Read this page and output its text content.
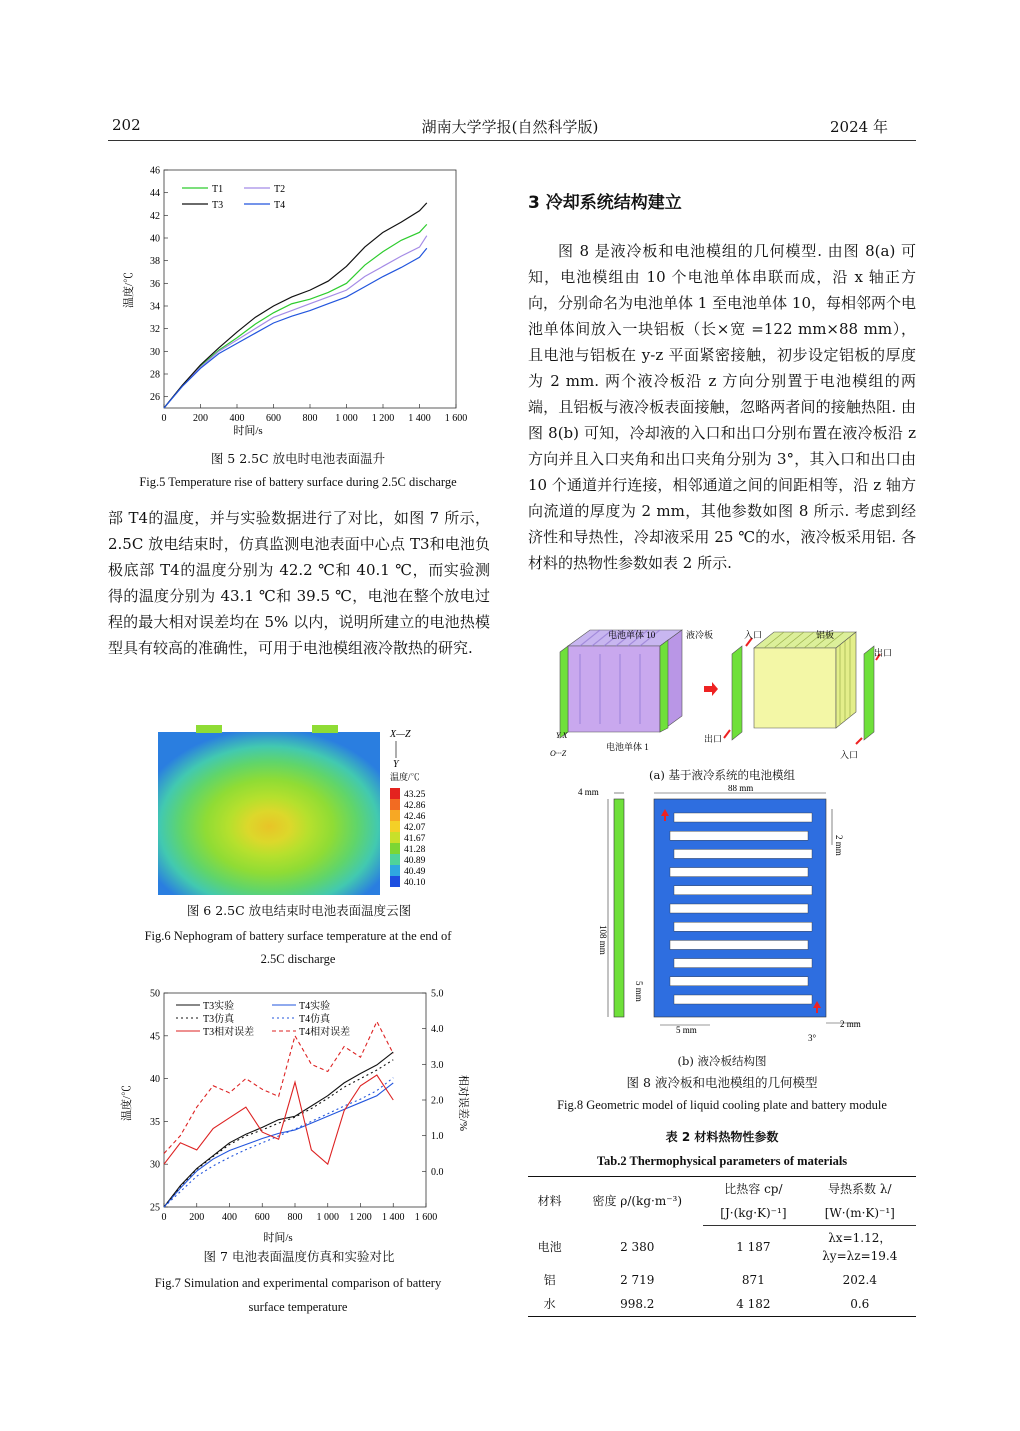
202	湖南大学学报(自然科学版)	2024 年
时间/s
温度/℃
0	200 400 600 800 1 000 1 200 1 400 1 600
26
28
30
32
34
36
38
40
42
44
46
T1	T2
T3	T4
图 5 2.5C 放电时电池表面温升
Fig.5 Temperature rise of battery surface during 2.5C discharge
部 T4的温度，并与实验数据进行了对比，如图 7 所示，2.5C 放电结束时，仿真监测电池表面中心点 T3和电池负极底部 T4的温度分别为 42.2 ℃和 40.1 ℃，而实验测得的温度分别为 43.1 ℃和 39.5 ℃，电池在整个放电过程的最大相对误差均在 5% 以内，说明所建立的电池热模型具有较高的准确性，可用于电池模组液冷散热的研究.
X—Z
Y
温度/℃
43.25
42.86
42.46
42.07
41.67
41.28
40.89
40.49
40.10
图 6 2.5C 放电结束时电池表面温度云图
Fig.6 Nephogram of battery surface temperature at the end of
2.5C discharge
时间/s
温度/℃	相对误差/%
0 200 400 600 800 1 000 1 200 1 400 1 600
25
30
35
40
45
50
0.0
1.0
2.0
3.0
4.0
5.0
T3实验	T4实验
T3仿真	T4仿真
T3相对误差	T4相对误差
图 7 电池表面温度仿真和实验对比
Fig.7 Simulation and experimental comparison of battery
surface temperature
3 冷却系统结构建立
图 8 是液冷板和电池模组的几何模型. 由图 8(a) 可知，电池模组由 10 个电池单体串联而成，沿 x 轴正方向，分别命名为电池单体 1 至电池单体 10，每相邻两个电池单体间放入一块铝板（长×宽 =122 mm×88 mm），且电池与铝板在 y-z 平面紧密接触，初步设定铝板的厚度为 2 mm. 两个液冷板沿 z 方向分别置于电池模组的两端，且铝板与液冷板表面接触，忽略两者间的接触热阻. 由图 8(b) 可知，冷却液的入口和出口分别布置在液冷板沿 z 方向并且入口夹角和出口夹角分别为 3°，其入口和出口由 10 个通道并行连接，相邻通道之间的间距相等，沿 z 轴方向流道的厚度为 2 mm，其他参数如图 8 所示. 考虑到经济性和导热性，冷却液采用 25 ℃的水，液冷板采用铝. 各材料的热物性参数如表 2 所示.
电池单体 10	液冷板	入口	铝板
出口
出口
电池单体 1
入口
O···Z
Y X
(a) 基于液冷系统的电池模组
4 mm	88 mm
2 mm
108 mm
5 mm
5 mm
2 mm
3°
(b) 液冷板结构图
图 8 液冷板和电池模组的几何模型
Fig.8 Geometric model of liquid cooling plate and battery module
表 2 材料热物性参数
Tab.2 Thermophysical parameters of materials
材料	密度 ρ/(kg·m⁻³)	比热容 cp/	导热系数 λ/
		[J·(kg·K)⁻¹]	[W·(m·K)⁻¹]
电池	2 380	1 187	λx=1.12，
λy=λz=19.4

铝	2 719	871	202.4
水	998.2	4 182	0.6
